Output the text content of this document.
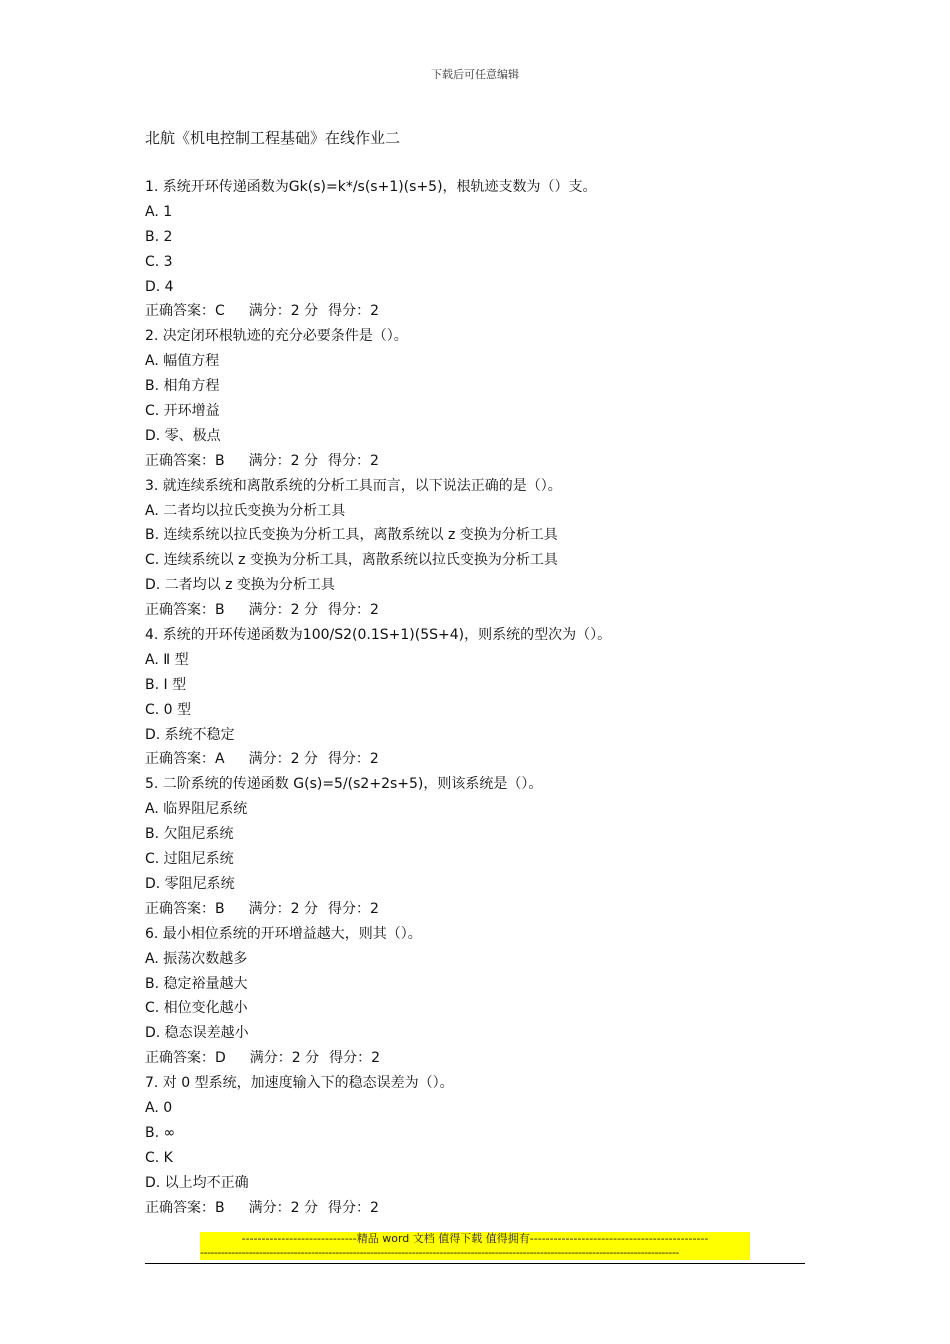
下载后可任意编辑
北航《机电控制工程基础》在线作业二
1. 系统开环传递函数为Gk(s)=k*/s(s+1)(s+5)，根轨迹支数为（）支。
A. 1
B. 2
C. 3
D. 4
正确答案：C 满分：2 分 得分：2
2. 决定闭环根轨迹的充分必要条件是（）。
A. 幅值方程
B. 相角方程
C. 开环增益
D. 零、极点
正确答案：B 满分：2 分 得分：2
3. 就连续系统和离散系统的分析工具而言，以下说法正确的是（）。
A. 二者均以拉氏变换为分析工具
B. 连续系统以拉氏变换为分析工具，离散系统以 z 变换为分析工具
C. 连续系统以 z 变换为分析工具，离散系统以拉氏变换为分析工具
D. 二者均以 z 变换为分析工具
正确答案：B 满分：2 分 得分：2
4. 系统的开环传递函数为100/S2(0.1S+1)(5S+4)，则系统的型次为（）。
A. Ⅱ 型
B. Ⅰ 型
C. 0 型
D. 系统不稳定
正确答案：A 满分：2 分 得分：2
5. 二阶系统的传递函数 G(s)=5/(s2+2s+5)，则该系统是（）。
A. 临界阻尼系统
B. 欠阻尼系统
C. 过阻尼系统
D. 零阻尼系统
正确答案：B 满分：2 分 得分：2
6. 最小相位系统的开环增益越大，则其（）。
A. 振荡次数越多
B. 稳定裕量越大
C. 相位变化越小
D. 稳态误差越小
正确答案：D 满分：2 分 得分：2
7. 对 0 型系统，加速度输入下的稳态误差为（）。
A. 0
B. ∞
C. K
D. 以上均不正确
正确答案：B 满分：2 分 得分：2
-----------------------------精品 word 文档 值得下载 值得拥有---------------------------------------------
------------------------------------------------------------------------------------------------------------------------------------------
